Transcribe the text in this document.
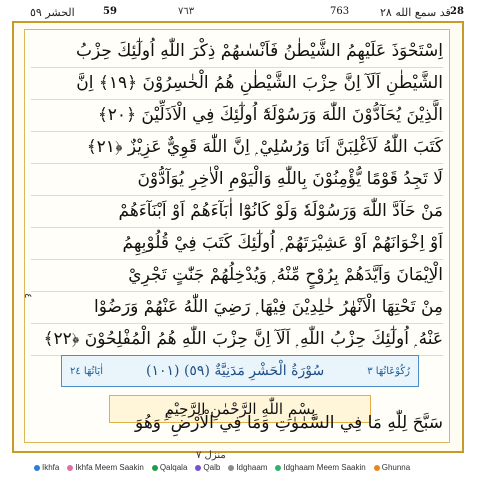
الحشر ٥٩	59	٧٦٣	763	قد سمع الله ٢٨ 28
اِسْتَحْوَذَ عَلَيْهِمُ الشَّيْطٰنُ فَاَنْسٰىهُمْ ذِكْرَ اللّٰهِ اُولٰٓئِكَ حِزْبُ
الشَّيْطٰنِ اَلَآ اِنَّ حِزْبَ الشَّيْطٰنِ هُمُ الْخٰسِرُوْنَ ﴿١٩﴾ اِنَّ
الَّذِيْنَ يُحَآدُّوْنَ اللّٰهَ وَرَسُوْلَهٗٓ اُولٰٓئِكَ فِي الْاَذَلِّيْنَ ﴿٢٠﴾
كَتَبَ اللّٰهُ لَاَغْلِبَنَّ اَنَا وَرُسُلِيْ ۭ اِنَّ اللّٰهَ قَوِيٌّ عَزِيْزٌ ﴿٢١﴾
لَا تَجِدُ قَوْمًا يُّؤْمِنُوْنَ بِاللّٰهِ وَالْيَوْمِ الْاٰخِرِ يُوَآدُّوْنَ
مَنْ حَآدَّ اللّٰهَ وَرَسُوْلَهٗ وَلَوْ كَانُوْٓا اٰبَآءَهُمْ اَوْ اَبْنَآءَهُمْ
اَوْ اِخْوَانَهُمْ اَوْ عَشِيْرَتَهُمْ ۭ اُولٰٓئِكَ كَتَبَ فِيْ قُلُوْبِهِمُ
الْاِيْمَانَ وَاَيَّدَهُمْ بِرُوْحٍ مِّنْهُ ۭ وَيُدْخِلُهُمْ جَنّٰتٍ تَجْرِيْ
مِنْ تَحْتِهَا الْاَنْهٰرُ خٰلِدِيْنَ فِيْهَا ۭ رَضِيَ اللّٰهُ عَنْهُمْ وَرَضُوْا
عَنْهُ ۭ اُولٰٓئِكَ حِزْبُ اللّٰهِ ۭ اَلَآ اِنَّ حِزْبَ اللّٰهِ هُمُ الْمُفْلِحُوْنَ ﴿٢٢﴾
اٰيَاتُهَا ٢٤	سُوْرَةُ الْحَشْرِ مَدَنِيَّةٌ (٥٩) (١٠١)	رُكُوْعَاتُهَا ٣
بِسْمِ اللّٰهِ الرَّحْمٰنِ الرَّحِيْمِ
سَبَّحَ لِلّٰهِ مَا فِي السَّمٰوٰتِ وَمَا فِي الْاَرْضِ ۚ وَهُوَ
٤
منزل ٧
Ikhfa Ikhfa Meem Saakin Qalqala Qalb Idghaam Idghaam Meem Saakin Ghunna
